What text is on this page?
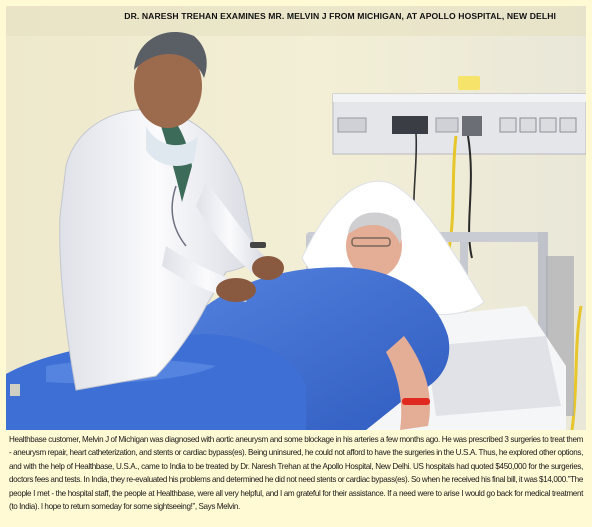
DR. NARESH TREHAN EXAMINES MR. MELVIN J FROM MICHIGAN, AT APOLLO HOSPITAL, NEW DELHI

Healthbase customer, Melvin J of Michigan was diagnosed with aortic aneurysm and some blockage in his arteries a few months ago. He was prescribed 3 surgeries to treat them - aneurysm repair, heart catheterization, and stents or cardiac bypass(es). Being uninsured, he could not afford to have the surgeries in the U.S.A. Thus, he explored other options, and with the help of Healthbase, U.S.A., came to India to be treated by Dr. Naresh Trehan at the Apollo Hospital, New Delhi. US hospitals had quoted $450,000 for the surgeries, doctors fees and tests. In India, they re-evaluated his problems and determined he did not need stents or cardiac bypass(es). So when he received his final bill, it was $14,000.”The people I met - the hospital staff, the people at Healthbase, were all very helpful, and I am grateful for their assistance. If a need were to arise I would go back for medical treatment (to India). I hope to return someday for some sightseeing!”, Says Melvin.
